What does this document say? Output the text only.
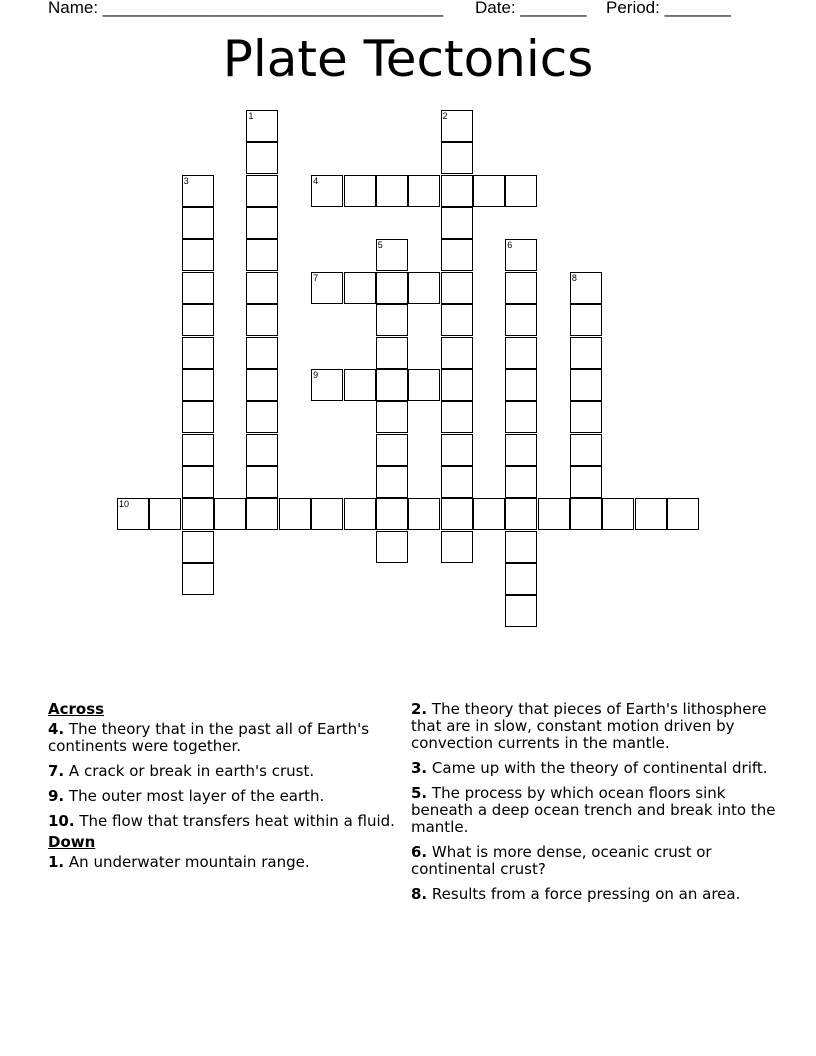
Name: ____________________________________ Date: _______ Period: _______
Plate Tectonics
1	2
3	4
5	6
7	8
9
10
Across
4. The theory that in the past all of Earth's continents were together.
7. A crack or break in earth's crust.
9. The outer most layer of the earth.
10. The flow that transfers heat within a fluid.
Down
1. An underwater mountain range.
2. The theory that pieces of Earth's lithosphere that are in slow, constant motion driven by convection currents in the mantle.
3. Came up with the theory of continental drift.
5. The process by which ocean floors sink beneath a deep ocean trench and break into the mantle.
6. What is more dense, oceanic crust or continental crust?
8. Results from a force pressing on an area.
